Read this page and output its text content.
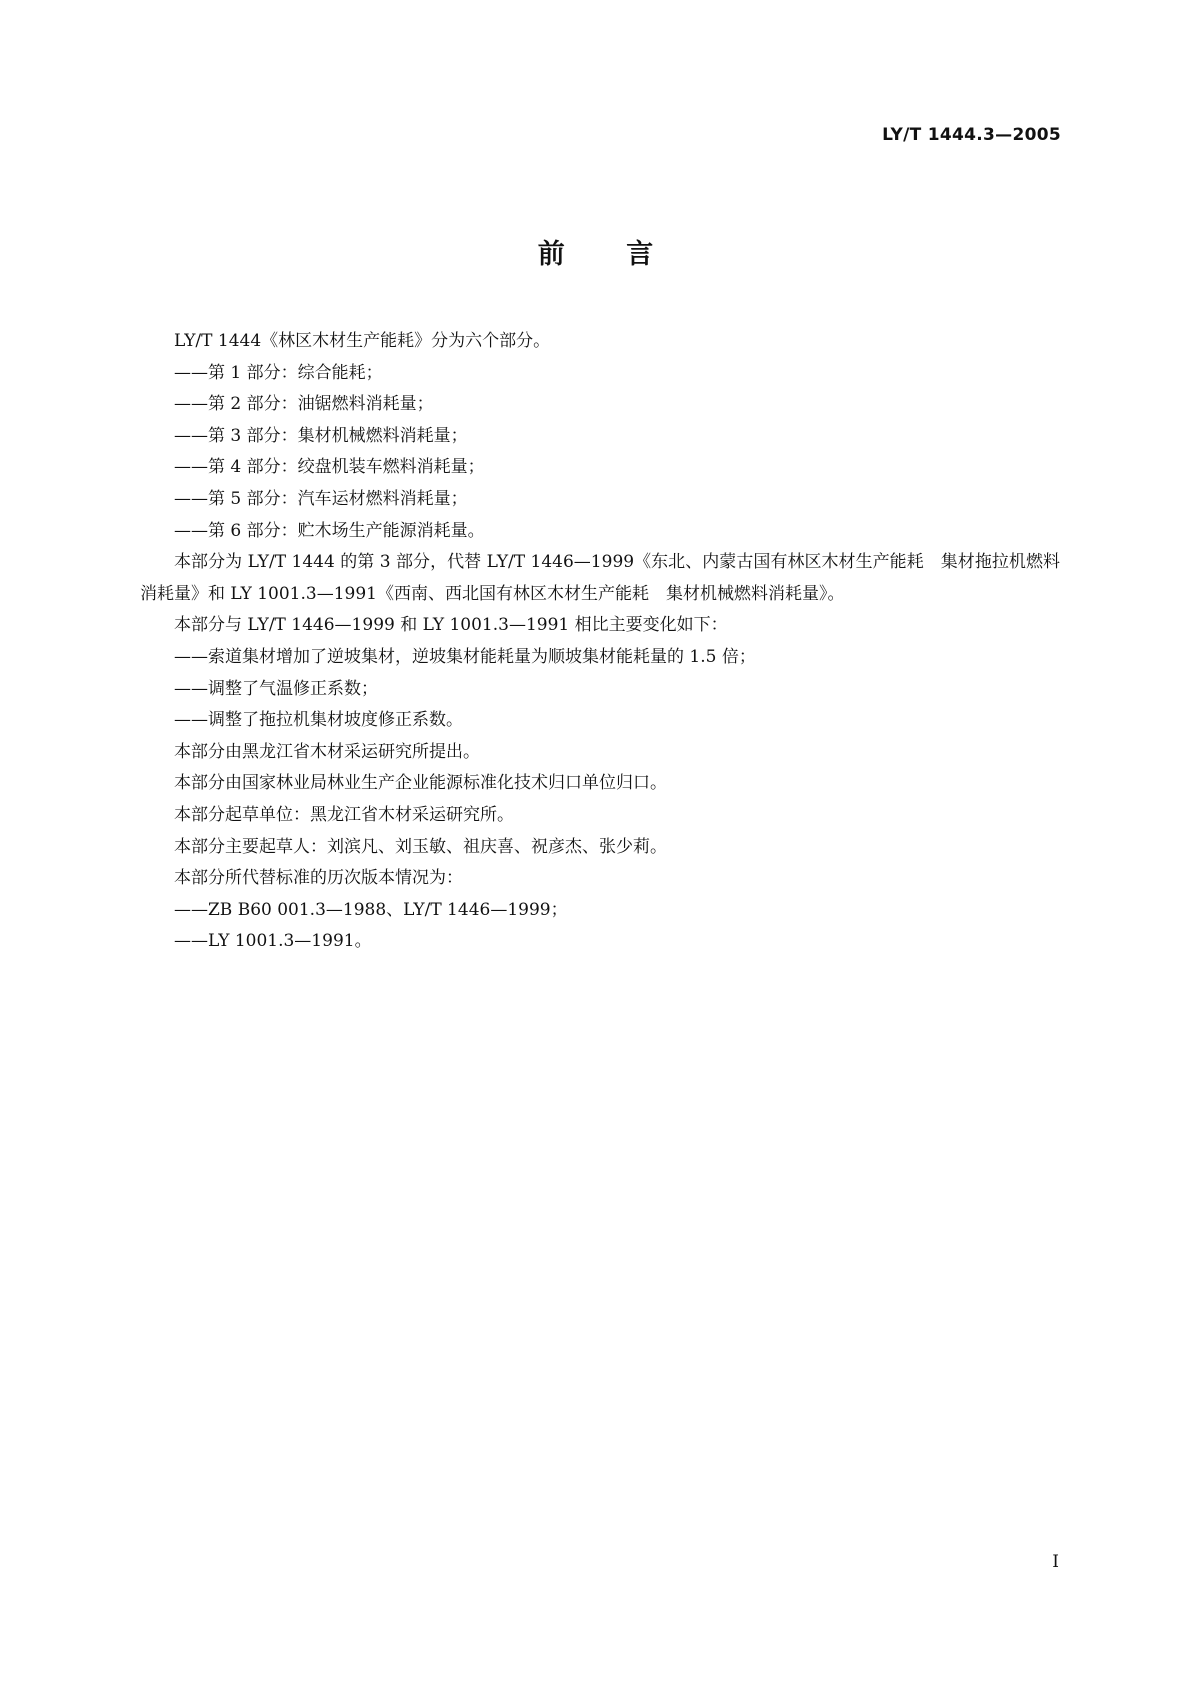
LY/T 1444.3—2005
前 言

LY/T 1444《林区木材生产能耗》分为六个部分。

——第 1 部分：综合能耗；

——第 2 部分：油锯燃料消耗量；

——第 3 部分：集材机械燃料消耗量；

——第 4 部分：绞盘机装车燃料消耗量；

——第 5 部分：汽车运材燃料消耗量；

——第 6 部分：贮木场生产能源消耗量。

本部分为 LY/T 1444 的第 3 部分，代替 LY/T 1446—1999《东北、内蒙古国有林区木材生产能耗　集材拖拉机燃料消耗量》和 LY 1001.3—1991《西南、西北国有林区木材生产能耗　集材机械燃料消耗量》。

本部分与 LY/T 1446—1999 和 LY 1001.3—1991 相比主要变化如下：

——索道集材增加了逆坡集材，逆坡集材能耗量为顺坡集材能耗量的 1.5 倍；

——调整了气温修正系数；

——调整了拖拉机集材坡度修正系数。

本部分由黑龙江省木材采运研究所提出。

本部分由国家林业局林业生产企业能源标准化技术归口单位归口。

本部分起草单位：黑龙江省木材采运研究所。

本部分主要起草人：刘滨凡、刘玉敏、祖庆喜、祝彦杰、张少莉。

本部分所代替标准的历次版本情况为：

——ZB B60 001.3—1988、LY/T 1446—1999；

——LY 1001.3—1991。

I
